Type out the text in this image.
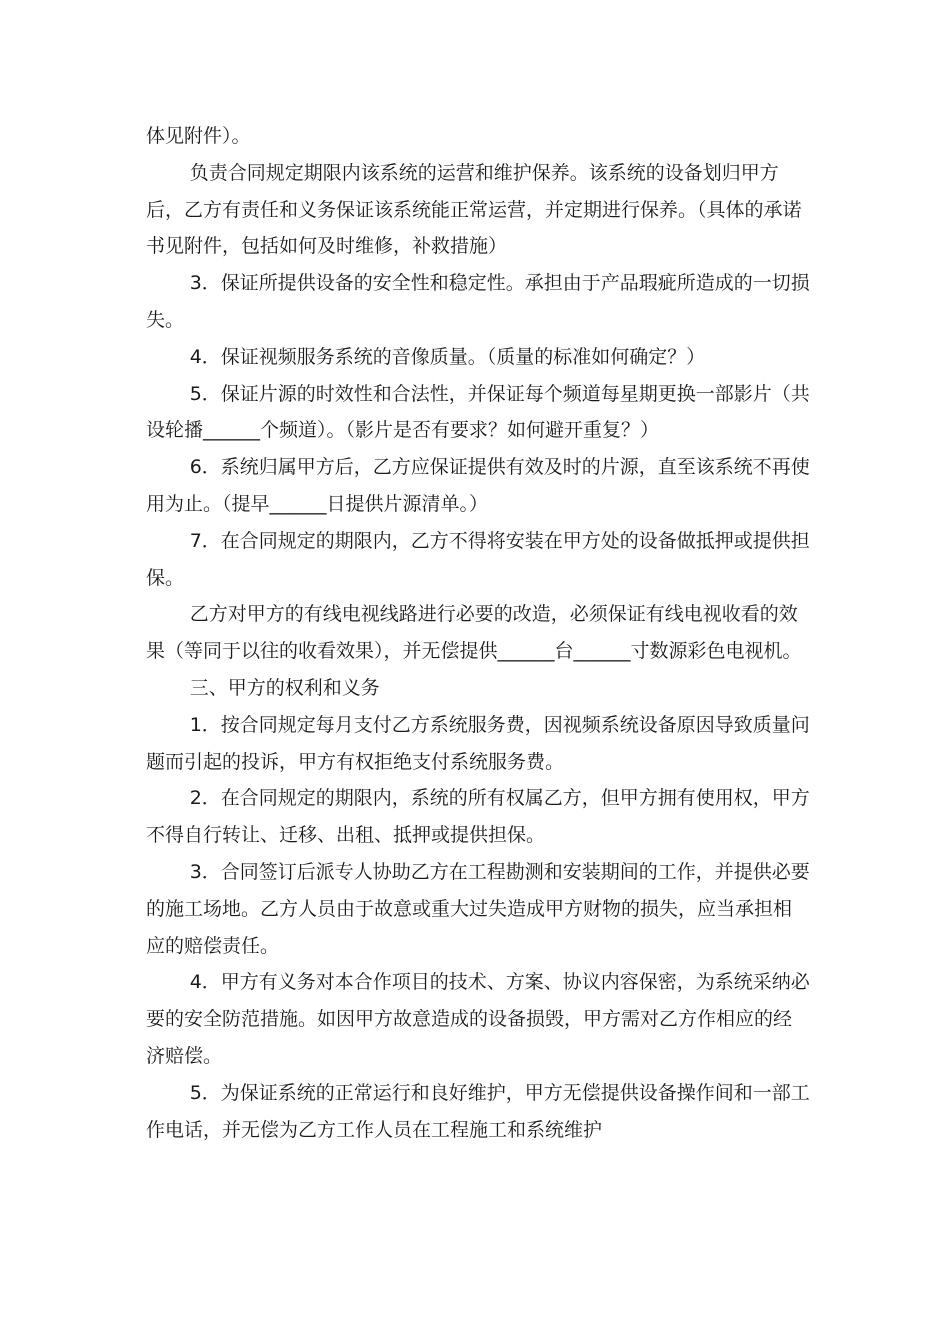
体见附件）。

负责合同规定期限内该系统的运营和维护保养。该系统的设备划归甲方后，乙方有责任和义务保证该系统能正常运营，并定期进行保养。（具体的承诺书见附件，包括如何及时维修，补救措施）

3．保证所提供设备的安全性和稳定性。承担由于产品瑕疵所造成的一切损失。

4．保证视频服务系统的音像质量。（质量的标准如何确定？）

5．保证片源的时效性和合法性，并保证每个频道每星期更换一部影片（共设轮播______个频道）。（影片是否有要求？如何避开重复？）

6．系统归属甲方后，乙方应保证提供有效及时的片源，直至该系统不再使用为止。（提早______日提供片源清单。）

7．在合同规定的期限内，乙方不得将安装在甲方处的设备做抵押或提供担保。

乙方对甲方的有线电视线路进行必要的改造，必须保证有线电视收看的效果（等同于以往的收看效果），并无偿提供______台______寸数源彩色电视机。

三、甲方的权利和义务

1．按合同规定每月支付乙方系统服务费，因视频系统设备原因导致质量问题而引起的投诉，甲方有权拒绝支付系统服务费。

2．在合同规定的期限内，系统的所有权属乙方，但甲方拥有使用权，甲方不得自行转让、迁移、出租、抵押或提供担保。

3．合同签订后派专人协助乙方在工程勘测和安装期间的工作，并提供必要的施工场地。乙方人员由于故意或重大过失造成甲方财物的损失，应当承担相应的赔偿责任。

4．甲方有义务对本合作项目的技术、方案、协议内容保密，为系统采纳必要的安全防范措施。如因甲方故意造成的设备损毁，甲方需对乙方作相应的经济赔偿。

5．为保证系统的正常运行和良好维护，甲方无偿提供设备操作间和一部工作电话，并无偿为乙方工作人员在工程施工和系统维护
